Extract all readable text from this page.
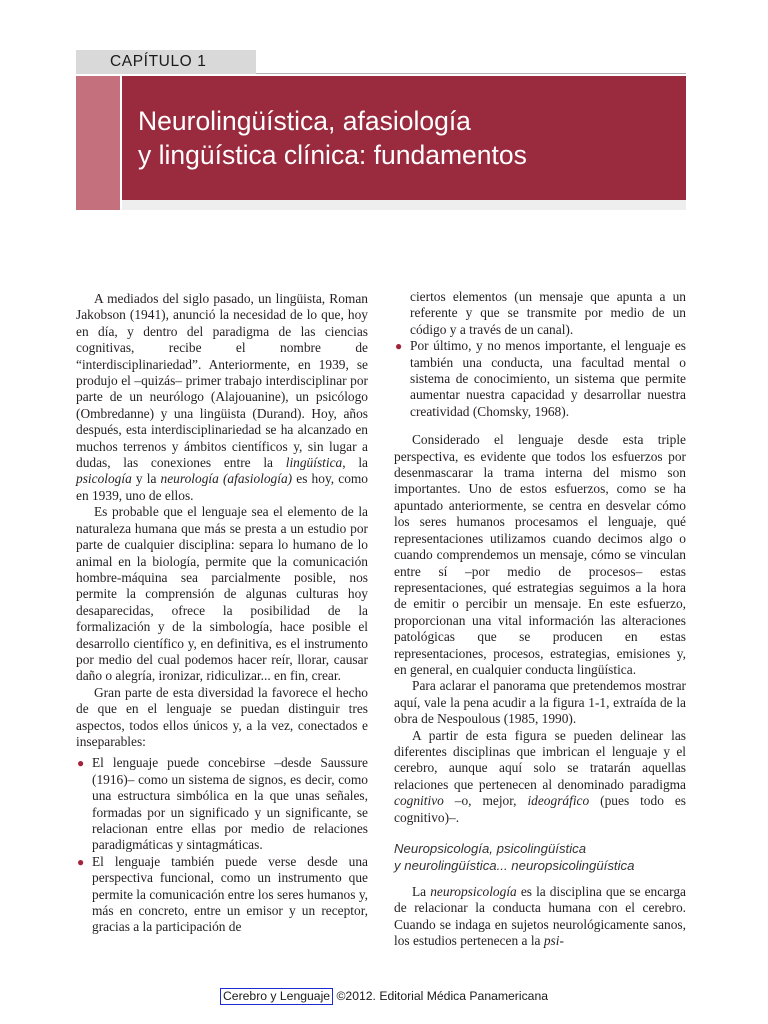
CAPÍTULO 1
Neurolingüística, afasiología
y lingüística clínica: fundamentos

A mediados del siglo pasado, un lingüista, Roman Jakobson (1941), anunció la necesidad de lo que, hoy en día, y dentro del paradigma de las ciencias cognitivas, recibe el nombre de “interdisciplinariedad”. Anteriormente, en 1939, se produjo el –quizás– primer trabajo interdisciplinar por parte de un neurólogo (Alajouanine), un psicólogo (Ombredanne) y una lingüista (Durand). Hoy, años después, esta interdisciplinariedad se ha alcanzado en muchos terrenos y ámbitos científicos y, sin lugar a dudas, las conexiones entre la lingüística, la psicología y la neurología (afasiología) es hoy, como en 1939, uno de ellos.

Es probable que el lenguaje sea el elemento de la naturaleza humana que más se presta a un estudio por parte de cualquier disciplina: separa lo humano de lo animal en la biología, permite que la comunicación hombre-máquina sea parcialmente posible, nos permite la comprensión de algunas culturas hoy desaparecidas, ofrece la posibilidad de la formalización y de la simbología, hace posible el desarrollo científico y, en definitiva, es el instrumento por medio del cual podemos hacer reír, llorar, causar daño o alegría, ironizar, ridiculizar... en fin, crear.

Gran parte de esta diversidad la favorece el hecho de que en el lenguaje se puedan distinguir tres aspectos, todos ellos únicos y, a la vez, conectados e inseparables:

● El lenguaje puede concebirse –desde Saussure (1916)– como un sistema de signos, es decir, como una estructura simbólica en la que unas señales, formadas por un significado y un significante, se relacionan entre ellas por medio de relaciones paradigmáticas y sintagmáticas.
● El lenguaje también puede verse desde una perspectiva funcional, como un instrumento que permite la comunicación entre los seres humanos y, más en concreto, entre un emisor y un receptor, gracias a la participación de
ciertos elementos (un mensaje que apunta a un referente y que se transmite por medio de un código y a través de un canal).
● Por último, y no menos importante, el lenguaje es también una conducta, una facultad mental o sistema de conocimiento, un sistema que permite aumentar nuestra capacidad y desarrollar nuestra creatividad (Chomsky, 1968).

Considerado el lenguaje desde esta triple perspectiva, es evidente que todos los esfuerzos por desenmascarar la trama interna del mismo son importantes. Uno de estos esfuerzos, como se ha apuntado anteriormente, se centra en desvelar cómo los seres humanos procesamos el lenguaje, qué representaciones utilizamos cuando decimos algo o cuando comprendemos un mensaje, cómo se vinculan entre sí –por medio de procesos– estas representaciones, qué estrategias seguimos a la hora de emitir o percibir un mensaje. En este esfuerzo, proporcionan una vital información las alteraciones patológicas que se producen en estas representaciones, procesos, estrategias, emisiones y, en general, en cualquier conducta lingüística.

Para aclarar el panorama que pretendemos mostrar aquí, vale la pena acudir a la figura 1-1, extraída de la obra de Nespoulous (1985, 1990).

A partir de esta figura se pueden delinear las diferentes disciplinas que imbrican el lenguaje y el cerebro, aunque aquí solo se tratarán aquellas relaciones que pertenecen al denominado paradigma cognitivo –o, mejor, ideográfico (pues todo es cognitivo)–.

Neuropsicología, psicolingüística
y neurolingüística... neuropsicolingüística

La neuropsicología es la disciplina que se encarga de relacionar la conducta humana con el cerebro. Cuando se indaga en sujetos neurológicamente sanos, los estudios pertenecen a la psi-

Cerebro y Lenguaje ©2012. Editorial Médica Panamericana
